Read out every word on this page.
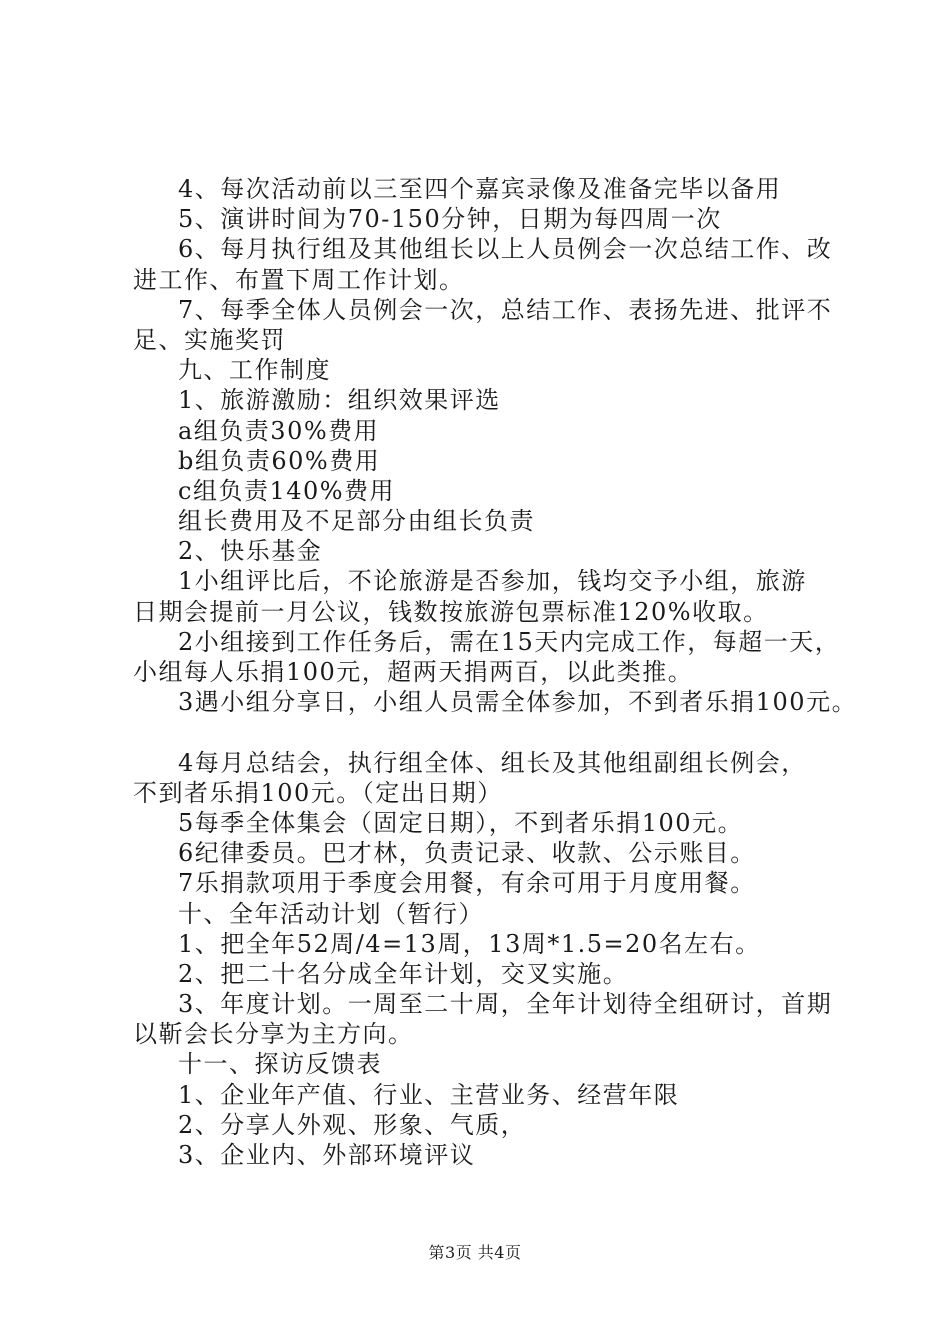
4、每次活动前以三至四个嘉宾录像及准备完毕以备用
5、演讲时间为70-150分钟，日期为每四周一次
6、每月执行组及其他组长以上人员例会一次总结工作、改
进工作、布置下周工作计划。
7、每季全体人员例会一次，总结工作、表扬先进、批评不
足、实施奖罚
九、工作制度
1、旅游激励：组织效果评选
a组负责30%费用
b组负责60%费用
c组负责140%费用
组长费用及不足部分由组长负责
2、快乐基金
1小组评比后，不论旅游是否参加，钱均交予小组，旅游
日期会提前一月公议，钱数按旅游包票标准120%收取。
2小组接到工作任务后，需在15天内完成工作，每超一天，
小组每人乐捐100元，超两天捐两百，以此类推。
3遇小组分享日，小组人员需全体参加，不到者乐捐100元。
4每月总结会，执行组全体、组长及其他组副组长例会，
不到者乐捐100元。（定出日期）
5每季全体集会（固定日期），不到者乐捐100元。
6纪律委员。巴才林，负责记录、收款、公示账目。
7乐捐款项用于季度会用餐，有余可用于月度用餐。
十、全年活动计划（暂行）
1、把全年52周/4=13周，13周*1.5=20名左右。
2、把二十名分成全年计划，交叉实施。
3、年度计划。一周至二十周，全年计划待全组研讨，首期
以靳会长分享为主方向。
十一、探访反馈表
1、企业年产值、行业、主营业务、经营年限
2、分享人外观、形象、气质，
3、企业内、外部环境评议
第3页 共4页
